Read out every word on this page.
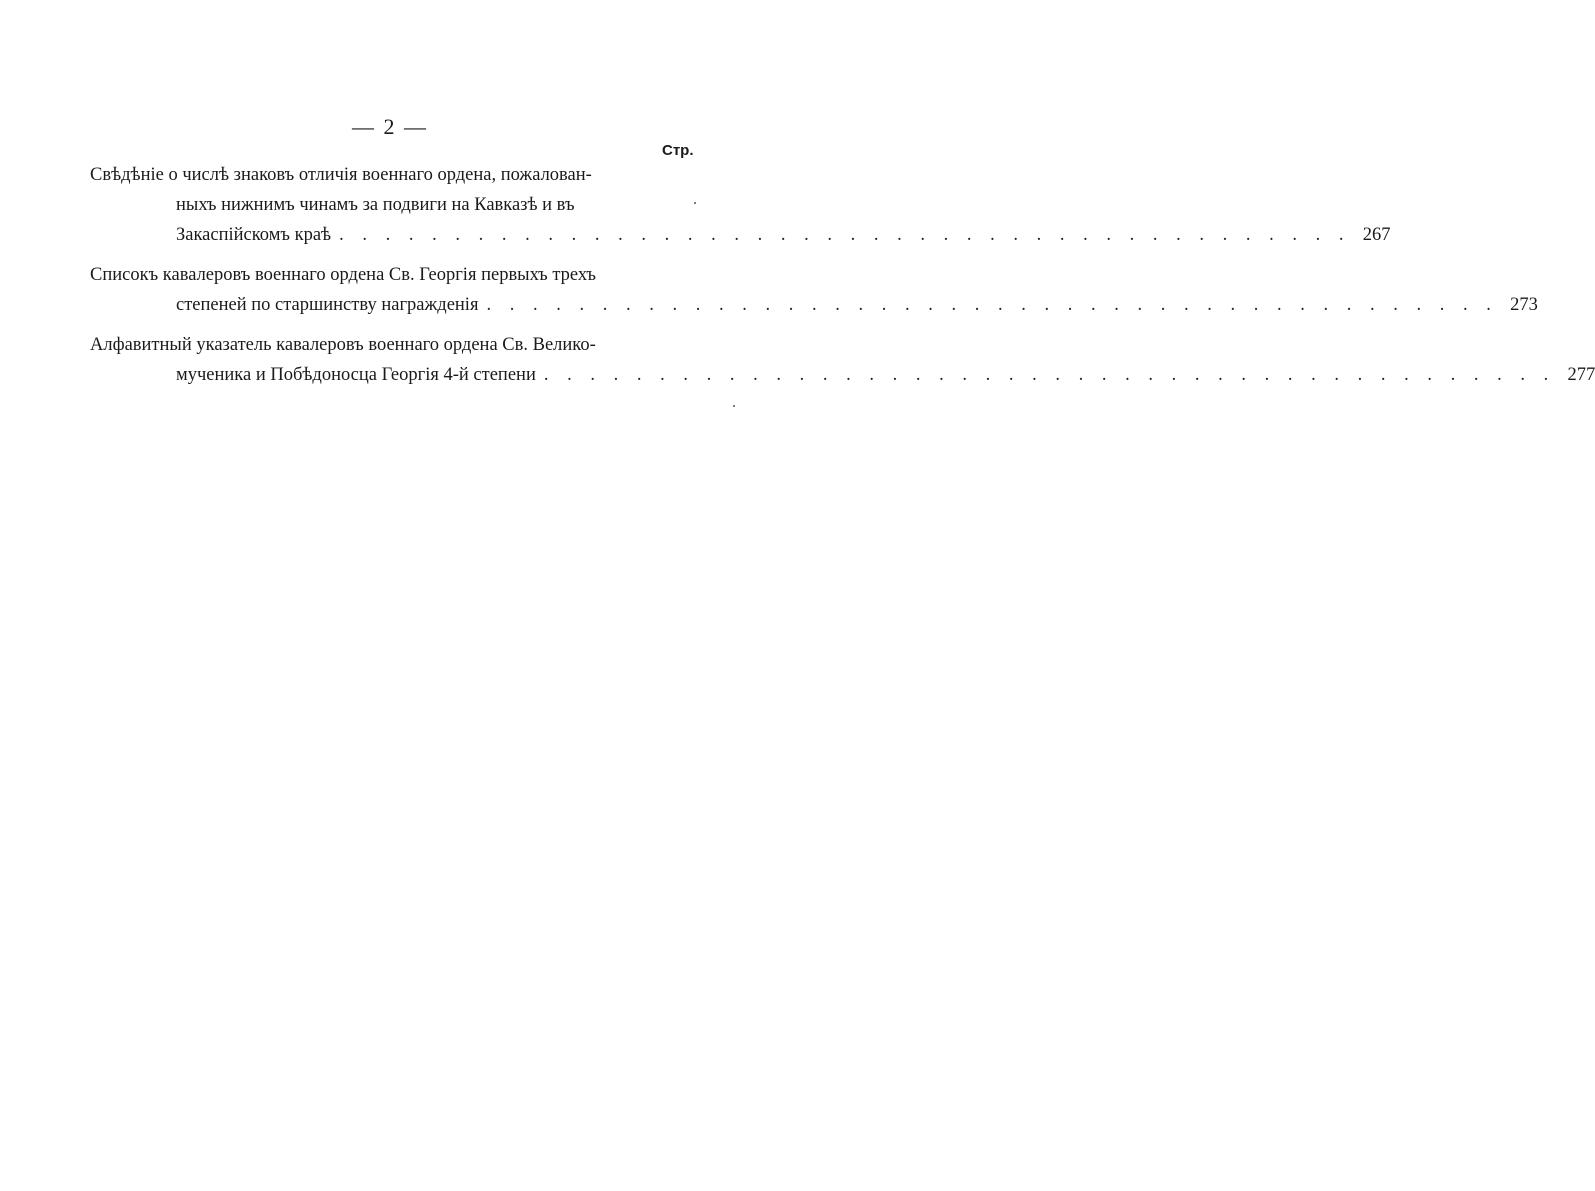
— 2 —
Стр.
Свѣдѣніе о числѣ знаковъ отличія военнаго ордена, пожалован-
ныхъ нижнимъ чинамъ за подвиги на Кавказѣ и въ
Закаспійскомъ краѣ . . . . . . . . . . . . . . . . . . . . . . . . . . . . . . . . . . . . . . . . . . . . 267
Списокъ кавалеровъ военнаго ордена Св. Георгія первыхъ трехъ
степеней по старшинству награжденія . . . . . . . . . . . . . . . . . . . . . . . . . . . . . . . . . . . . . . . . . . . . 273
Алфавитный указатель кавалеровъ военнаго ордена Св. Велико-
мученика и Побѣдоносца Георгія 4-й степени . . . . . . . . . . . . . . . . . . . . . . . . . . . . . . . . . . . . . . . . . . . . 277
